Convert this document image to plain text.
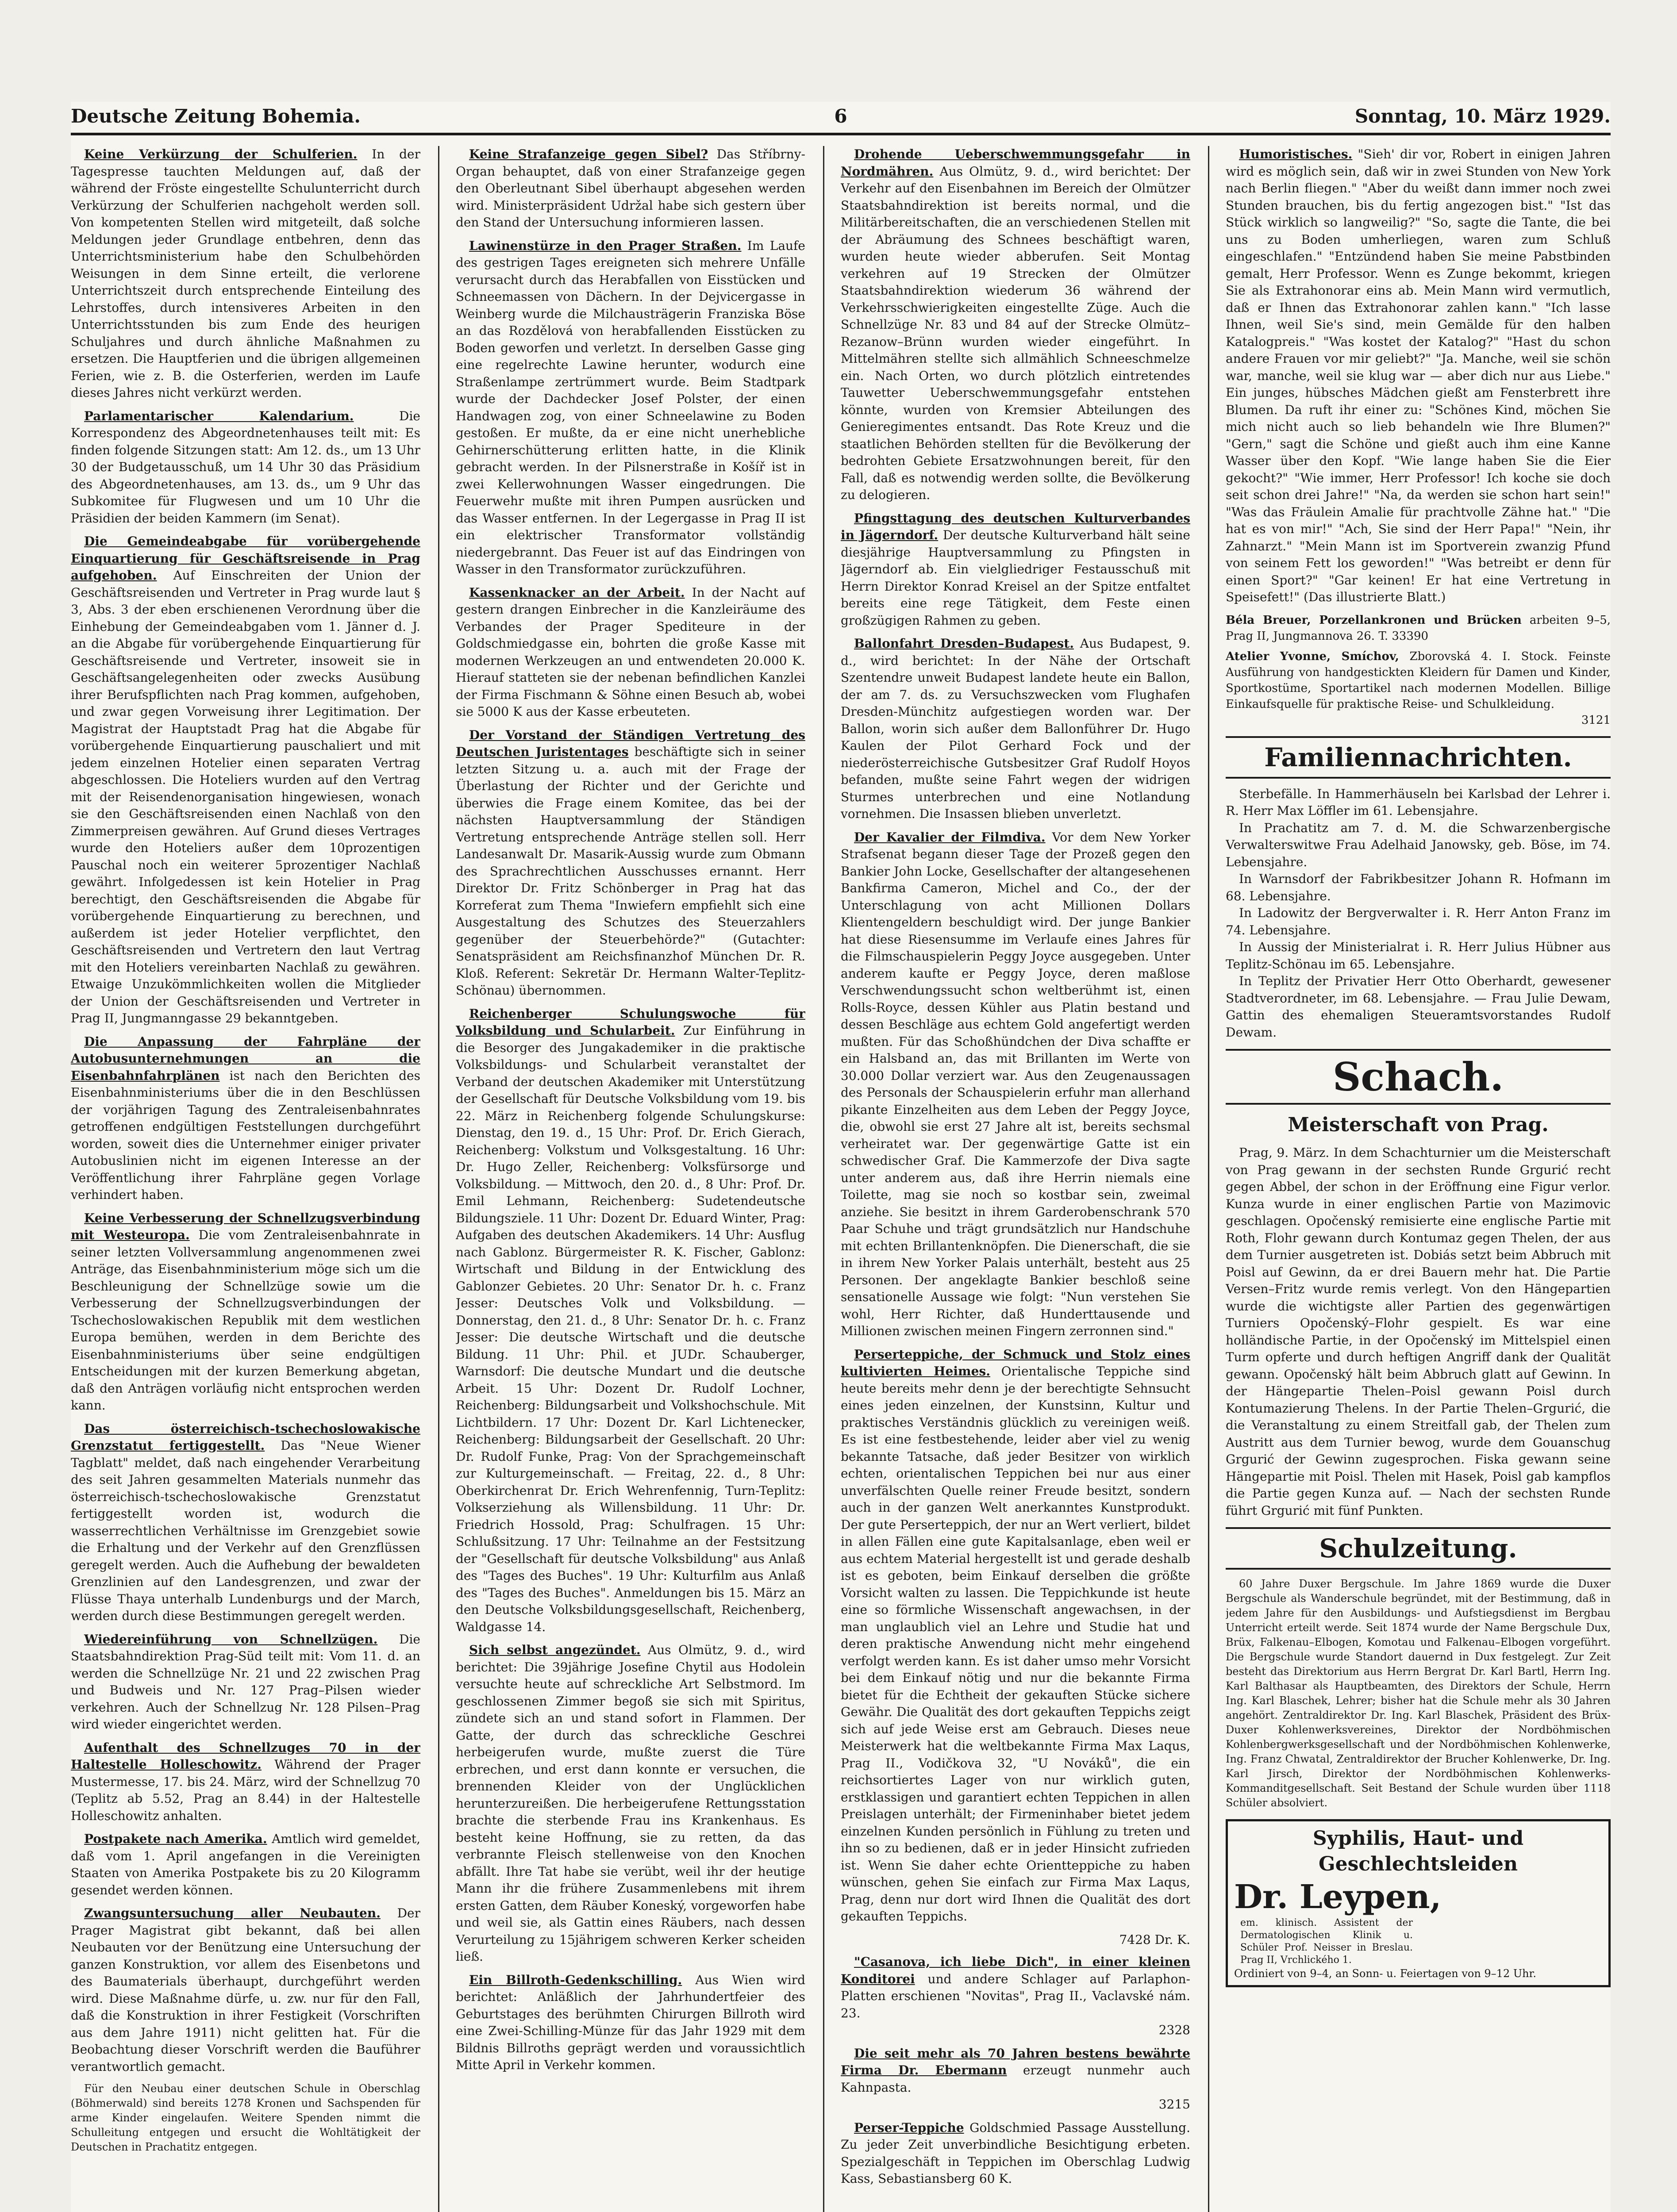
Deutsche Zeitung Bohemia.	6	Sonntag, 10. März 1929.

Keine Verkürzung der Schulferien. In der Tagespresse tauchten Meldungen auf, daß der während der Fröste eingestellte Schulunterricht durch Verkürzung der Schulferien nachgeholt werden soll. Von kompetenten Stellen wird mitgeteilt, daß solche Meldungen jeder Grundlage entbehren, denn das Unterrichtsministerium habe den Schulbehörden Weisungen in dem Sinne erteilt, die verlorene Unterrichtszeit durch entsprechende Einteilung des Lehrstoffes, durch intensiveres Arbeiten in den Unterrichtsstunden bis zum Ende des heurigen Schuljahres und durch ähnliche Maßnahmen zu ersetzen. Die Hauptferien und die übrigen allgemeinen Ferien, wie z. B. die Osterferien, werden im Laufe dieses Jahres nicht verkürzt werden.

Parlamentarischer Kalendarium.	Die Korrespondenz des Abgeordnetenhauses teilt mit: Es finden folgende Sitzungen statt: Am 12. ds., um 13 Uhr 30 der Budgetausschuß, um 14 Uhr 30 das Präsidium des Abgeordnetenhauses, am 13. ds., um 9 Uhr das Subkomitee für Flugwesen und um 10 Uhr die Präsidien der beiden Kammern (im Senat).

Die Gemeindeabgabe für vorübergehende Einquartierung für Geschäftsreisende in Prag aufgehoben. Auf Einschreiten der Union der Geschäftsreisenden und Vertreter in Prag wurde laut § 3, Abs. 3 der eben erschienenen Verordnung über die Einhebung der Gemeindeabgaben vom 1. Jänner d. J. an die Abgabe für vorübergehende Einquartierung für Geschäftsreisende und Vertreter, insoweit sie in Geschäftsangelegenheiten oder zwecks Ausübung ihrer Berufspflichten nach Prag kommen, aufgehoben, und zwar gegen Vorweisung ihrer Legitimation. Der Magistrat der Hauptstadt Prag hat die Abgabe für vorübergehende Einquartierung pauschaliert und mit jedem einzelnen Hotelier einen separaten Vertrag abgeschlossen. Die Hoteliers wurden auf den Vertrag mit der Reisendenorganisation hingewiesen, wonach sie den Geschäftsreisenden einen Nachlaß von den Zimmerpreisen gewähren. Auf Grund dieses Vertrages wurde den Hoteliers außer dem 10prozentigen Pauschal noch ein weiterer 5prozentiger Nachlaß gewährt. Infolgedessen ist kein Hotelier in Prag berechtigt, den Geschäftsreisenden die Abgabe für vorübergehende Einquartierung zu berechnen, und außerdem ist jeder Hotelier verpflichtet, den Geschäftsreisenden und Vertretern den laut Vertrag mit den Hoteliers vereinbarten Nachlaß zu gewähren. Etwaige Unzukömmlichkeiten wollen die Mitglieder der Union der Geschäftsreisenden und Vertreter in Prag II, Jungmanngasse 29 bekanntgeben.

Die Anpassung der Fahrpläne der Autobusunternehmungen an die Eisenbahnfahrplänen ist nach den Berichten des Eisenbahnministeriums über die in den Beschlüssen der vorjährigen Tagung des Zentraleisenbahnrates getroffenen endgültigen Feststellungen durchgeführt worden, soweit dies die Unternehmer einiger privater Autobuslinien nicht im eigenen Interesse an der Veröffentlichung ihrer Fahrpläne gegen Vorlage verhindert haben.

Keine Verbesserung der Schnellzugsverbindung mit Westeuropa. Die vom Zentraleisenbahnrate in seiner letzten Vollversammlung angenommenen zwei Anträge, das Eisenbahnministerium möge sich um die Beschleunigung der Schnellzüge sowie um die Verbesserung der Schnellzugsverbindungen der Tschechoslowakischen Republik mit dem westlichen Europa bemühen, werden in dem Berichte des Eisenbahnministeriums über seine endgültigen Entscheidungen mit der kurzen Bemerkung abgetan, daß den Anträgen vorläufig nicht entsprochen werden kann.

Das österreichisch-tschechoslowakische Grenzstatut fertiggestellt. Das "Neue Wiener Tagblatt" meldet, daß nach eingehender Verarbeitung des seit Jahren gesammelten Materials nunmehr das österreichisch-tschechoslowakische Grenzstatut fertiggestellt worden ist, wodurch die wasserrechtlichen Verhältnisse im Grenzgebiet sowie die Erhaltung und der Verkehr auf den Grenzflüssen geregelt werden. Auch die Aufhebung der bewaldeten Grenzlinien auf den Landesgrenzen, und zwar der Flüsse Thaya unterhalb Lundenburgs und der March, werden durch diese Bestimmungen geregelt werden.

Wiedereinführung von Schnellzügen. Die Staatsbahndirektion Prag-Süd teilt mit: Vom 11. d. an werden die Schnellzüge Nr. 21 und 22 zwischen Prag und Budweis und Nr. 127 Prag–Pilsen wieder verkehren. Auch der Schnellzug Nr. 128 Pilsen–Prag wird wieder eingerichtet werden.

Aufenthalt des Schnellzuges 70 in der Haltestelle Holleschowitz. Während der Prager Mustermesse, 17. bis 24. März, wird der Schnellzug 70 (Teplitz ab 5.52, Prag an 8.44) in der Haltestelle Holleschowitz anhalten.

Postpakete nach Amerika. Amtlich wird gemeldet, daß vom 1. April angefangen in die Vereinigten Staaten von Amerika Postpakete bis zu 20 Kilogramm gesendet werden können.

Zwangsuntersuchung aller Neubauten. Der Prager Magistrat gibt bekannt, daß bei allen Neubauten vor der Benützung eine Untersuchung der ganzen Konstruktion, vor allem des Eisenbetons und des Baumaterials überhaupt, durchgeführt werden wird. Diese Maßnahme dürfe, u. zw. nur für den Fall, daß die Konstruktion in ihrer Festigkeit (Vorschriften aus dem Jahre 1911) nicht gelitten hat. Für die Beobachtung dieser Vorschrift werden die Bauführer verantwortlich gemacht.

Für den Neubau einer deutschen Schule in Oberschlag (Böhmerwald) sind bereits 1278 Kronen und Sachspenden für arme Kinder eingelaufen. Weitere Spenden nimmt die Schulleitung entgegen und ersucht die Wohltätigkeit der Deutschen in Prachatitz entgegen.

Keine Strafanzeige gegen Sibel? Das Stříbrny-Organ behauptet, daß von einer Strafanzeige gegen den Oberleutnant Sibel überhaupt abgesehen werden wird. Ministerpräsident Udržal habe sich gestern über den Stand der Untersuchung informieren lassen.

Lawinenstürze in den Prager Straßen. Im Laufe des gestrigen Tages ereigneten sich mehrere Unfälle verursacht durch das Herabfallen von Eisstücken und Schneemassen von Dächern. In der Dejvicergasse in Weinberg wurde die Milchausträgerin Franziska Böse an das Rozdělová von herabfallenden Eisstücken zu Boden geworfen und verletzt. In derselben Gasse ging eine regelrechte Lawine herunter, wodurch eine Straßenlampe zertrümmert wurde. Beim Stadtpark wurde der Dachdecker Josef Polster, der einen Handwagen zog, von einer Schneelawine zu Boden gestoßen. Er mußte, da er eine nicht unerhebliche Gehirnerschütterung erlitten hatte, in die Klinik gebracht werden. In der Pilsnerstraße in Košíř ist in zwei Kellerwohnungen Wasser eingedrungen. Die Feuerwehr mußte mit ihren Pumpen ausrücken und das Wasser entfernen. In der Legergasse in Prag II ist ein elektrischer Transformator vollständig niedergebrannt. Das Feuer ist auf das Eindringen von Wasser in den Transformator zurückzuführen.

Kassenknacker an der Arbeit. In der Nacht auf gestern drangen Einbrecher in die Kanzleiräume des Verbandes der Prager Spediteure in der Goldschmiedgasse ein, bohrten die große Kasse mit modernen Werkzeugen an und entwendeten 20.000 K. Hierauf statteten sie der nebenan befindlichen Kanzlei der Firma Fischmann & Söhne einen Besuch ab, wobei sie 5000 K aus der Kasse erbeuteten.

Der Vorstand der Ständigen Vertretung des Deutschen Juristentages beschäftigte sich in seiner letzten Sitzung u. a. auch mit der Frage der Überlastung der Richter und der Gerichte und überwies die Frage einem Komitee, das bei der nächsten Hauptversammlung der Ständigen Vertretung entsprechende Anträge stellen soll. Herr Landesanwalt Dr. Masarik-Aussig wurde zum Obmann des Sprachrechtlichen Ausschusses ernannt. Herr Direktor Dr. Fritz Schönberger in Prag hat das Korreferat zum Thema "Inwiefern empfiehlt sich eine Ausgestaltung des Schutzes des Steuerzahlers gegenüber der Steuerbehörde?" (Gutachter: Senatspräsident am Reichsfinanzhof München Dr. R. Kloß. Referent: Sekretär Dr. Hermann Walter-Teplitz-Schönau) übernommen.

Reichenberger Schulungswoche für Volksbildung und Schularbeit. Zur Einführung in die Besorger des Jungakademiker in die praktische Volksbildungs- und Schularbeit veranstaltet der Verband der deutschen Akademiker mit Unterstützung der Gesellschaft für Deutsche Volksbildung vom 19. bis 22. März in Reichenberg folgende Schulungskurse: Dienstag, den 19. d., 15 Uhr: Prof. Dr. Erich Gierach, Reichenberg: Volkstum und Volksgestaltung. 16 Uhr: Dr. Hugo Zeller, Reichenberg: Volksfürsorge und Volksbildung. — Mittwoch, den 20. d., 8 Uhr: Prof. Dr. Emil Lehmann, Reichenberg: Sudetendeutsche Bildungsziele. 11 Uhr: Dozent Dr. Eduard Winter, Prag: Aufgaben des deutschen Akademikers. 14 Uhr: Ausflug nach Gablonz. Bürgermeister R. K. Fischer, Gablonz: Wirtschaft und Bildung in der Entwicklung des Gablonzer Gebietes. 20 Uhr: Senator Dr. h. c. Franz Jesser: Deutsches Volk und Volksbildung. — Donnerstag, den 21. d., 8 Uhr: Senator Dr. h. c. Franz Jesser: Die deutsche Wirtschaft und die deutsche Bildung. 11 Uhr: Phil. et JUDr. Schauberger, Warnsdorf: Die deutsche Mundart und die deutsche Arbeit. 15 Uhr: Dozent Dr. Rudolf Lochner, Reichenberg: Bildungsarbeit und Volkshochschule. Mit Lichtbildern. 17 Uhr: Dozent Dr. Karl Lichtenecker, Reichenberg: Bildungsarbeit der Gesellschaft. 20 Uhr: Dr. Rudolf Funke, Prag: Von der Sprachgemeinschaft zur Kulturgemeinschaft. — Freitag, 22. d., 8 Uhr: Oberkirchenrat Dr. Erich Wehrenfennig, Turn-Teplitz: Volkserziehung als Willensbildung. 11 Uhr: Dr. Friedrich Hossold, Prag: Schulfragen. 15 Uhr: Schlußsitzung. 17 Uhr: Teilnahme an der Festsitzung der "Gesellschaft für deutsche Volksbildung" aus Anlaß des "Tages des Buches". 19 Uhr: Kulturfilm aus Anlaß des "Tages des Buches". Anmeldungen bis 15. März an den Deutsche Volksbildungsgesellschaft, Reichenberg, Waldgasse 14.

Sich selbst angezündet. Aus Olmütz, 9. d., wird berichtet: Die 39jährige Josefine Chytil aus Hodolein versuchte heute auf schreckliche Art Selbstmord. Im geschlossenen Zimmer begoß sie sich mit Spiritus, zündete sich an und stand sofort in Flammen. Der Gatte, der durch das schreckliche Geschrei herbeigerufen wurde, mußte zuerst die Türe erbrechen, und erst dann konnte er versuchen, die brennenden Kleider von der Unglücklichen herunterzureißen. Die herbeigerufene Rettungsstation brachte die sterbende Frau ins Krankenhaus. Es besteht keine Hoffnung, sie zu retten, da das verbrannte Fleisch stellenweise von den Knochen abfällt. Ihre Tat habe sie verübt, weil ihr der heutige Mann ihr die frühere Zusammenlebens mit ihrem ersten Gatten, dem Räuber Koneský, vorgeworfen habe und weil sie, als Gattin eines Räubers, nach dessen Verurteilung zu 15jährigem schweren Kerker scheiden ließ.

Ein Billroth-Gedenkschilling. Aus Wien wird berichtet: Anläßlich der Jahrhundertfeier des Geburtstages des berühmten Chirurgen Billroth wird eine Zwei-Schilling-Münze für das Jahr 1929 mit dem Bildnis Billroths geprägt werden und voraussichtlich Mitte April in Verkehr kommen.

Drohende Ueberschwemmungsgefahr in Nordmähren. Aus Olmütz, 9. d., wird berichtet: Der Verkehr auf den Eisenbahnen im Bereich der Olmützer Staatsbahndirektion ist bereits normal, und die Militärbereitschaften, die an verschiedenen Stellen mit der Abräumung des Schnees beschäftigt waren, wurden heute wieder abberufen. Seit Montag verkehren auf 19 Strecken der Olmützer Staatsbahndirektion wiederum 36 während der Verkehrsschwierigkeiten eingestellte Züge. Auch die Schnellzüge Nr. 83 und 84 auf der Strecke Olmütz–Rezanow–Brünn wurden wieder eingeführt. In Mittelmähren stellte sich allmählich Schneeschmelze ein. Nach Orten, wo durch plötzlich eintretendes Tauwetter Ueberschwemmungsgefahr entstehen könnte, wurden von Kremsier Abteilungen des Genieregimentes entsandt. Das Rote Kreuz und die staatlichen Behörden stellten für die Bevölkerung der bedrohten Gebiete Ersatzwohnungen bereit, für den Fall, daß es notwendig werden sollte, die Bevölkerung zu delogieren.

Pfingsttagung des deutschen Kulturverbandes in Jägerndorf. Der deutsche Kulturverband hält seine diesjährige Hauptversammlung zu Pfingsten in Jägerndorf ab. Ein vielgliedriger Festausschuß mit Herrn Direktor Konrad Kreisel an der Spitze entfaltet bereits eine rege Tätigkeit, dem Feste einen großzügigen Rahmen zu geben.

Ballonfahrt Dresden–Budapest. Aus Budapest, 9. d., wird berichtet: In der Nähe der Ortschaft Szentendre unweit Budapest landete heute ein Ballon, der am 7. ds. zu Versuchszwecken vom Flughafen Dresden-Münchitz aufgestiegen worden war. Der Ballon, worin sich außer dem Ballonführer Dr. Hugo Kaulen der Pilot Gerhard Fock und der niederösterreichische Gutsbesitzer Graf Rudolf Hoyos befanden, mußte seine Fahrt wegen der widrigen Sturmes unterbrechen und eine Notlandung vornehmen. Die Insassen blieben unverletzt.

Der Kavalier der Filmdiva. Vor dem New Yorker Strafsenat begann dieser Tage der Prozeß gegen den Bankier John Locke, Gesellschafter der altangesehenen Bankfirma Cameron, Michel and Co., der der Unterschlagung von acht Millionen Dollars Klientengeldern beschuldigt wird. Der junge Bankier hat diese Riesensumme im Verlaufe eines Jahres für die Filmschauspielerin Peggy Joyce ausgegeben. Unter anderem kaufte er Peggy Joyce, deren maßlose Verschwendungssucht schon weltberühmt ist, einen Rolls-Royce, dessen Kühler aus Platin bestand und dessen Beschläge aus echtem Gold angefertigt werden mußten. Für das Schoßhündchen der Diva schaffte er ein Halsband an, das mit Brillanten im Werte von 30.000 Dollar verziert war. Aus den Zeugenaussagen des Personals der Schauspielerin erfuhr man allerhand pikante Einzelheiten aus dem Leben der Peggy Joyce, die, obwohl sie erst 27 Jahre alt ist, bereits sechsmal verheiratet war. Der gegenwärtige Gatte ist ein schwedischer Graf. Die Kammerzofe der Diva sagte unter anderem aus, daß ihre Herrin niemals eine Toilette, mag sie noch so kostbar sein, zweimal anziehe. Sie besitzt in ihrem Garderobenschrank 570 Paar Schuhe und trägt grundsätzlich nur Handschuhe mit echten Brillantenknöpfen. Die Dienerschaft, die sie in ihrem New Yorker Palais unterhält, besteht aus 25 Personen. Der angeklagte Bankier beschloß seine sensationelle Aussage wie folgt: "Nun verstehen Sie wohl, Herr Richter, daß Hunderttausende und Millionen zwischen meinen Fingern zerronnen sind."

Perserteppiche, der Schmuck und Stolz eines kultivierten Heimes. Orientalische Teppiche sind heute bereits mehr denn je der berechtigte Sehnsucht eines jeden einzelnen, der Kunstsinn, Kultur und praktisches Verständnis glücklich zu vereinigen weiß. Es ist eine festbestehende, leider aber viel zu wenig bekannte Tatsache, daß jeder Besitzer von wirklich echten, orientalischen Teppichen bei nur aus einer unverfälschten Quelle reiner Freude besitzt, sondern auch in der ganzen Welt anerkanntes Kunstprodukt. Der gute Perserteppich, der nur an Wert verliert, bildet in allen Fällen eine gute Kapitalsanlage, eben weil er aus echtem Material hergestellt ist und gerade deshalb ist es geboten, beim Einkauf derselben die größte Vorsicht walten zu lassen. Die Teppichkunde ist heute eine so förmliche Wissenschaft angewachsen, in der man unglaublich viel an Lehre und Studie hat und deren praktische Anwendung nicht mehr eingehend verfolgt werden kann. Es ist daher umso mehr Vorsicht bei dem Einkauf nötig und nur die bekannte Firma bietet für die Echtheit der gekauften Stücke sichere Gewähr. Die Qualität des dort gekauften Teppichs zeigt sich auf jede Weise erst am Gebrauch. Dieses neue Meisterwerk hat die weltbekannte Firma Max Laqus, Prag II., Vodičkova 32, "U Nováků", die ein reichsortiertes Lager von nur wirklich guten, erstklassigen und garantiert echten Teppichen in allen Preislagen unterhält; der Firmeninhaber bietet jedem einzelnen Kunden persönlich in Fühlung zu treten und ihn so zu bedienen, daß er in jeder Hinsicht zufrieden ist. Wenn Sie daher echte Orientteppiche zu haben wünschen, gehen Sie einfach zur Firma Max Laqus, Prag, denn nur dort wird Ihnen die Qualität des dort gekauften Teppichs.

7428 Dr. K.

"Casanova, ich liebe Dich", in einer kleinen Konditorei und andere Schlager auf Parlaphon-Platten erschienen "Novitas", Prag II., Vaclavské nám. 23.

2328

Die seit mehr als 70 Jahren bestens bewährte Firma Dr. Ebermann erzeugt nunmehr auch Kahnpasta.

3215

Perser-Teppiche Goldschmied Passage Ausstellung. Zu jeder Zeit unverbindliche Besichtigung erbeten. Spezialgeschäft in Teppichen im Oberschlag Ludwig Kass, Sebastiansberg 60 K.

Humoristisches. "Sieh' dir vor, Robert in einigen Jahren wird es möglich sein, daß wir in zwei Stunden von New York nach Berlin fliegen." "Aber du weißt dann immer noch zwei Stunden brauchen, bis du fertig angezogen bist." "Ist das Stück wirklich so langweilig?" "So, sagte die Tante, die bei uns zu Boden umherliegen, waren zum Schluß eingeschlafen." "Entzündend haben Sie meine Pabstbinden gemalt, Herr Professor. Wenn es Zunge bekommt, kriegen Sie als Extrahonorar eins ab. Mein Mann wird vermutlich, daß er Ihnen das Extrahonorar zahlen kann." "Ich lasse Ihnen, weil Sie's sind, mein Gemälde für den halben Katalogpreis." "Was kostet der Katalog?" "Hast du schon andere Frauen vor mir geliebt?" "Ja. Manche, weil sie schön war, manche, weil sie klug war — aber dich nur aus Liebe." Ein junges, hübsches Mädchen gießt am Fensterbrett ihre Blumen. Da ruft ihr einer zu: "Schönes Kind, möchen Sie mich nicht auch so lieb behandeln wie Ihre Blumen?" "Gern," sagt die Schöne und gießt auch ihm eine Kanne Wasser über den Kopf. "Wie lange haben Sie die Eier gekocht?" "Wie immer, Herr Professor! Ich koche sie doch seit schon drei Jahre!" "Na, da werden sie schon hart sein!" "Was das Fräulein Amalie für prachtvolle Zähne hat." "Die hat es von mir!" "Ach, Sie sind der Herr Papa!" "Nein, ihr Zahnarzt." "Mein Mann ist im Sportverein zwanzig Pfund von seinem Fett los geworden!" "Was betreibt er denn für einen Sport?" "Gar keinen! Er hat eine Vertretung in Speisefett!" (Das illustrierte Blatt.)

Béla Breuer, Porzellankronen und Brücken arbeiten 9–5, Prag II, Jungmannova 26. T. 33390
Atelier Yvonne, Smíchov, Zborovská 4. I. Stock. Feinste Ausführung von handgestickten Kleidern für Damen und Kinder, Sportkostüme, Sportartikel nach modernen Modellen. Billige Einkaufsquelle für praktische Reise- und Schulkleidung.
3121
Familiennachrichten.

Sterbefälle. In Hammerhäuseln bei Karlsbad der Lehrer i. R. Herr Max Löffler im 61. Lebensjahre.

In Prachatitz am 7. d. M. die Schwarzenbergische Verwalterswitwe Frau Adelhaid Janowsky, geb. Böse, im 74. Lebensjahre.

In Warnsdorf der Fabrikbesitzer Johann R. Hofmann im 68. Lebensjahre.

In Ladowitz der Bergverwalter i. R. Herr Anton Franz im 74. Lebensjahre.

In Aussig der Ministerialrat i. R. Herr Julius Hübner aus Teplitz-Schönau im 65. Lebensjahre.

In Teplitz der Privatier Herr Otto Oberhardt, gewesener Stadtverordneter, im 68. Lebensjahre. — Frau Julie Dewam, Gattin des ehemaligen Steueramtsvorstandes Rudolf Dewam.

Schach.
Meisterschaft von Prag.

Prag, 9. März. In dem Schachturnier um die Meisterschaft von Prag gewann in der sechsten Runde Grgurić recht gegen Abbel, der schon in der Eröffnung eine Figur verlor. Kunza wurde in einer englischen Partie von Mazimovic geschlagen. Opočenský remisierte eine englische Partie mit Roth, Flohr gewann durch Kontumaz gegen Thelen, der aus dem Turnier ausgetreten ist. Dobiás setzt beim Abbruch mit Poisl auf Gewinn, da er drei Bauern mehr hat. Die Partie Versen–Fritz wurde remis verlegt. Von den Hängepartien wurde die wichtigste aller Partien des gegenwärtigen Turniers Opočenský–Flohr gespielt. Es war eine holländische Partie, in der Opočenský im Mittelspiel einen Turm opferte und durch heftigen Angriff dank der Qualität gewann. Opočenský hält beim Abbruch glatt auf Gewinn. In der Hängepartie Thelen–Poisl gewann Poisl durch Kontumazierung Thelens. In der Partie Thelen–Grgurić, die die Veranstaltung zu einem Streitfall gab, der Thelen zum Austritt aus dem Turnier bewog, wurde dem Gouanschug Grgurić der Gewinn zugesprochen. Fiska gewann seine Hängepartie mit Poisl. Thelen mit Hasek, Poisl gab kampflos die Partie gegen Kunza auf. — Nach der sechsten Runde führt Grgurić mit fünf Punkten.

Schulzeitung.

60 Jahre Duxer Bergschule. Im Jahre 1869 wurde die Duxer Bergschule als Wanderschule begründet, mit der Bestimmung, daß in jedem Jahre für den Ausbildungs- und Aufstiegsdienst im Bergbau Unterricht erteilt werde. Seit 1874 wurde der Name Bergschule Dux, Brüx, Falkenau–Elbogen, Komotau und Falkenau–Elbogen vorgeführt. Die Bergschule wurde Standort dauernd in Dux festgelegt. Zur Zeit besteht das Direktorium aus Herrn Bergrat Dr. Karl Bartl, Herrn Ing. Karl Balthasar als Hauptbeamten, des Direktors der Schule, Herrn Ing. Karl Blaschek, Lehrer; bisher hat die Schule mehr als 30 Jahren angehört. Zentraldirektor Dr. Ing. Karl Blaschek, Präsident des Brüx-Duxer Kohlenwerksvereines, Direktor der Nordböhmischen Kohlenbergwerksgesellschaft und der Nordböhmischen Kohlenwerke, Ing. Franz Chwatal, Zentraldirektor der Brucher Kohlenwerke, Dr. Ing. Karl Jirsch, Direktor der Nordböhmischen Kohlenwerks-Kommanditgesellschaft. Seit Bestand der Schule wurden über 1118 Schüler absolviert.

Syphilis, Haut- und Geschlechtsleiden
Dr. Leypen,em. klinisch. Assistent der Dermatologischen Klinik u. Schüler Prof. Neisser in Breslau. Prag II, Vrchlického 1.
Ordiniert von 9–4, an Sonn- u. Feiertagen von 9–12 Uhr.
